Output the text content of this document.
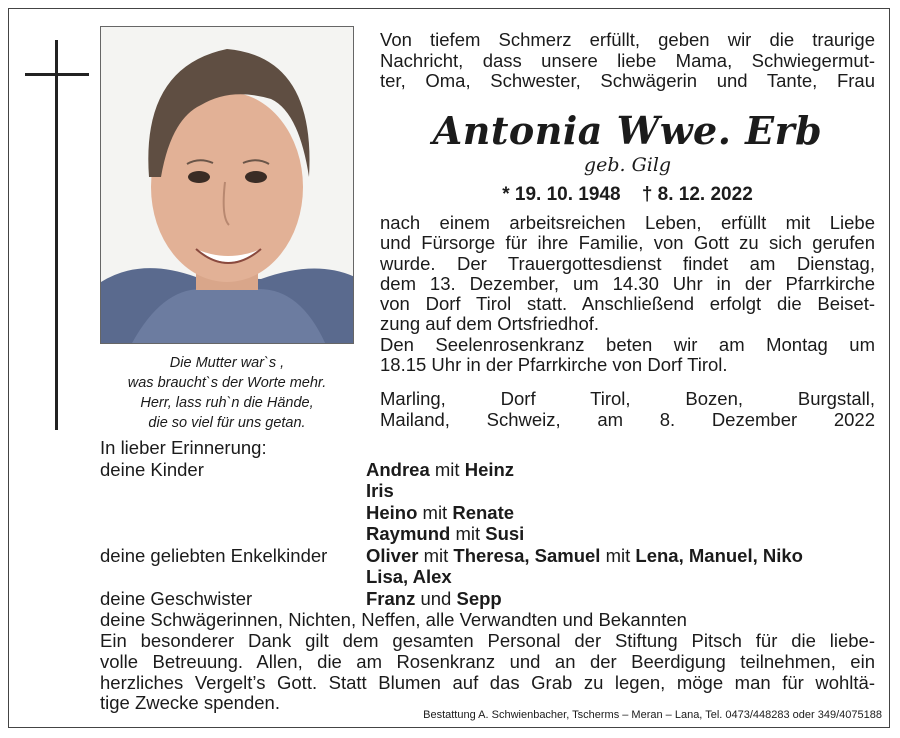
Die Mutter war`s ,
was braucht`s der Worte mehr.
Herr, lass ruh`n die Hände,
die so viel für uns getan.
Von tiefem Schmerz erfüllt, geben wir die traurige
Nachricht, dass unsere liebe Mama, Schwiegermut-
ter, Oma, Schwester, Schwägerin und Tante, Frau
Antonia Wwe. Erb
geb. Gilg
* 19. 10. 1948 † 8. 12. 2022
nach einem arbeitsreichen Leben, erfüllt mit Liebe
und Fürsorge für ihre Familie, von Gott zu sich gerufen
wurde. Der Trauergottesdienst findet am Dienstag,
dem 13. Dezember, um 14.30 Uhr in der Pfarrkirche
von Dorf Tirol statt. Anschließend erfolgt die Beiset-
zung auf dem Ortsfriedhof.
Den Seelenrosenkranz beten wir am Montag um
18.15 Uhr in der Pfarrkirche von Dorf Tirol.
Marling, Dorf Tirol, Bozen, Burgstall,
Mailand, Schweiz, am 8. Dezember 2022
In lieber Erinnerung:
deine Kinder	Andrea mit Heinz
Iris
Heino mit Renate
Raymund mit Susi
deine geliebten Enkelkinder Oliver mit Theresa, Samuel mit Lena, Manuel, Niko
Lisa, Alex
deine Geschwister	Franz und Sepp
deine Schwägerinnen, Nichten, Neffen, alle Verwandten und Bekannten
Ein besonderer Dank gilt dem gesamten Personal der Stiftung Pitsch für die liebe-
volle Betreuung. Allen, die am Rosenkranz und an der Beerdigung teilnehmen, ein
herzliches Vergelt’s Gott. Statt Blumen auf das Grab zu legen, möge man für wohltä-
tige Zwecke spenden.
Bestattung A. Schwienbacher, Tscherms – Meran – Lana, Tel. 0473/448283 oder 349/4075188
